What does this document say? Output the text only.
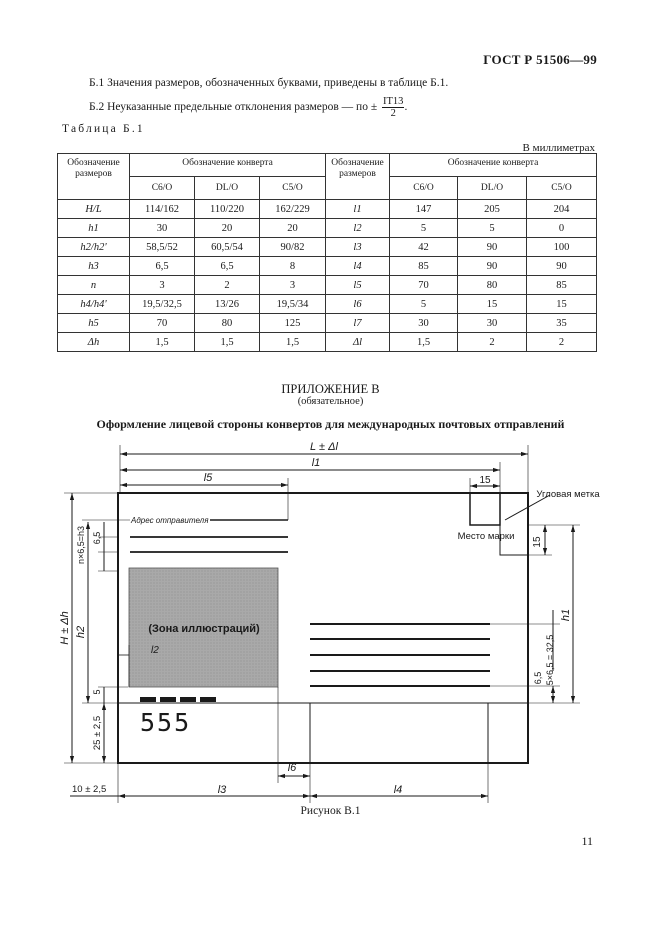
ГОСТ Р 51506—99
Б.1 Значения размеров, обозначенных буквами, приведены в таблице Б.1.
Б.2 Неуказанные предельные отклонения размеров — по ± $\frac{IT13}{2}$ .
Таблица Б.1
В миллиметрах
Обозначение размеров	Обозначение конверта			Обозначение размеров	Обозначение конверта		
	C6/O	DL/O	C5/O		C6/O	DL/O	C5/O
H/L	114/162	110/220	162/229	l1	147	205	204
h1	30	20	20	l2	5	5	0
h2/h2'	58,5/52	60,5/54	90/82	l3	42	90	100
h3	6,5	6,5	8	l4	85	90	90
n	3	2	3	l5	70	80	85
h4/h4'	19,5/32,5	13/26	19,5/34	l6	5	15	15
h5	70	80	125	l7	30	30	35
Δh	1,5	1,5	1,5	Δl	1,5	2	2
ПРИЛОЖЕНИЕ В
(обязательное)
Оформление лицевой стороны конвертов для международных почтовых отправлений
L ± Δl
l1
l5	15
Угловая метка
Место марки 15
Адрес отправителя
(Зона иллюстраций)
555
l2
H ± Δh h2
n×6,5=h3 6,5
5
25 ± 2,5
h1
6,5 5×6,5 = 32,5
10 ± 2,5	l3	l4
l6
Рисунок В.1
11
